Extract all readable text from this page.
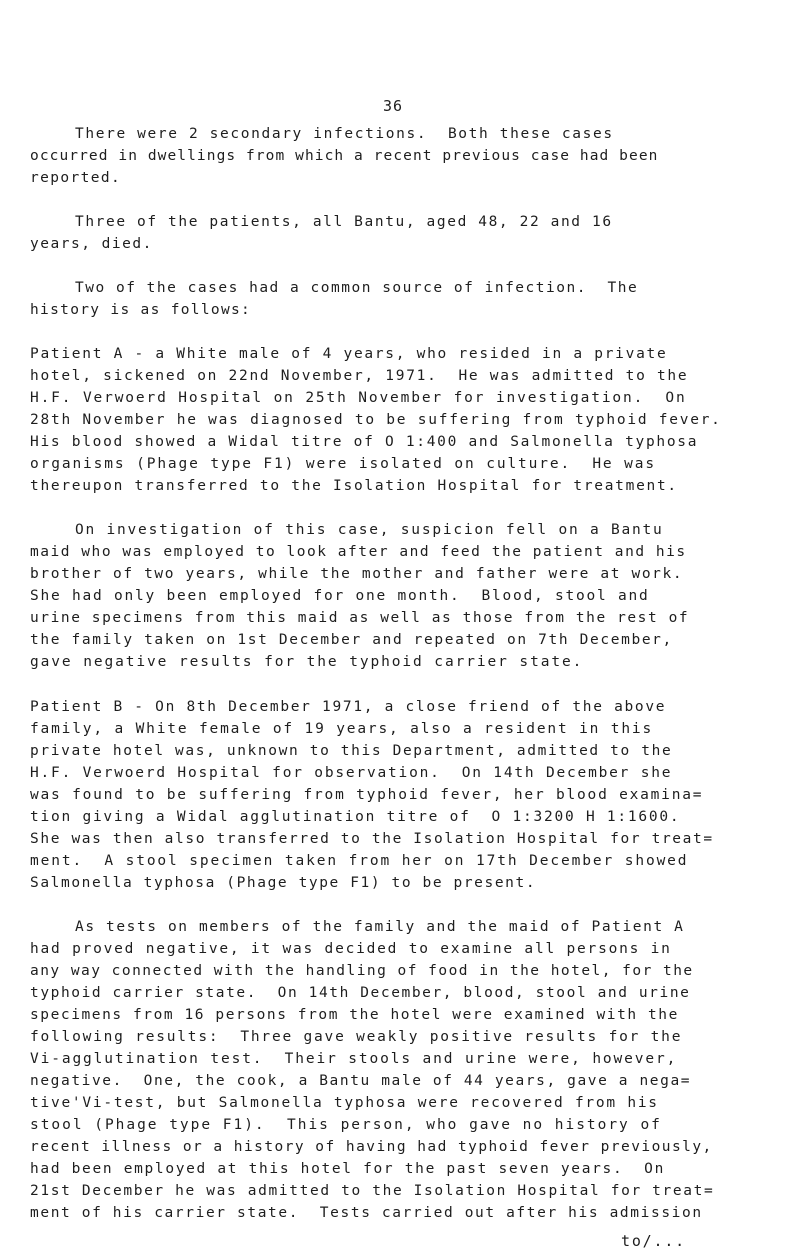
36
There were 2 secondary infections.  Both these cases
occurred in dwellings from which a recent previous case had been
reported.
Three of the patients, all Bantu, aged 48, 22 and 16
years, died.
Two of the cases had a common source of infection.  The
history is as follows:
Patient A - a White male of 4 years, who resided in a private
hotel, sickened on 22nd November, 1971.  He was admitted to the
H.F. Verwoerd Hospital on 25th November for investigation.  On
28th November he was diagnosed to be suffering from typhoid fever.
His blood showed a Widal titre of O 1:400 and Salmonella typhosa
organisms (Phage type F1) were isolated on culture.  He was
thereupon transferred to the Isolation Hospital for treatment.
On investigation of this case, suspicion fell on a Bantu
maid who was employed to look after and feed the patient and his
brother of two years, while the mother and father were at work.
She had only been employed for one month.  Blood, stool and
urine specimens from this maid as well as those from the rest of
the family taken on 1st December and repeated on 7th December,
gave negative results for the typhoid carrier state.
Patient B - On 8th December 1971, a close friend of the above
family, a White female of 19 years, also a resident in this
private hotel was, unknown to this Department, admitted to the
H.F. Verwoerd Hospital for observation.  On 14th December she
was found to be suffering from typhoid fever, her blood examina=
tion giving a Widal agglutination titre of  O 1:3200 H 1:1600.
She was then also transferred to the Isolation Hospital for treat=
ment.  A stool specimen taken from her on 17th December showed
Salmonella typhosa (Phage type F1) to be present.
As tests on members of the family and the maid of Patient A
had proved negative, it was decided to examine all persons in
any way connected with the handling of food in the hotel, for the
typhoid carrier state.  On 14th December, blood, stool and urine
specimens from 16 persons from the hotel were examined with the
following results:  Three gave weakly positive results for the
Vi-agglutination test.  Their stools and urine were, however,
negative.  One, the cook, a Bantu male of 44 years, gave a nega=
tive'Vi-test, but Salmonella typhosa were recovered from his
stool (Phage type F1).  This person, who gave no history of
recent illness or a history of having had typhoid fever previously,
had been employed at this hotel for the past seven years.  On
21st December he was admitted to the Isolation Hospital for treat=
ment of his carrier state.  Tests carried out after his admission
to/...
